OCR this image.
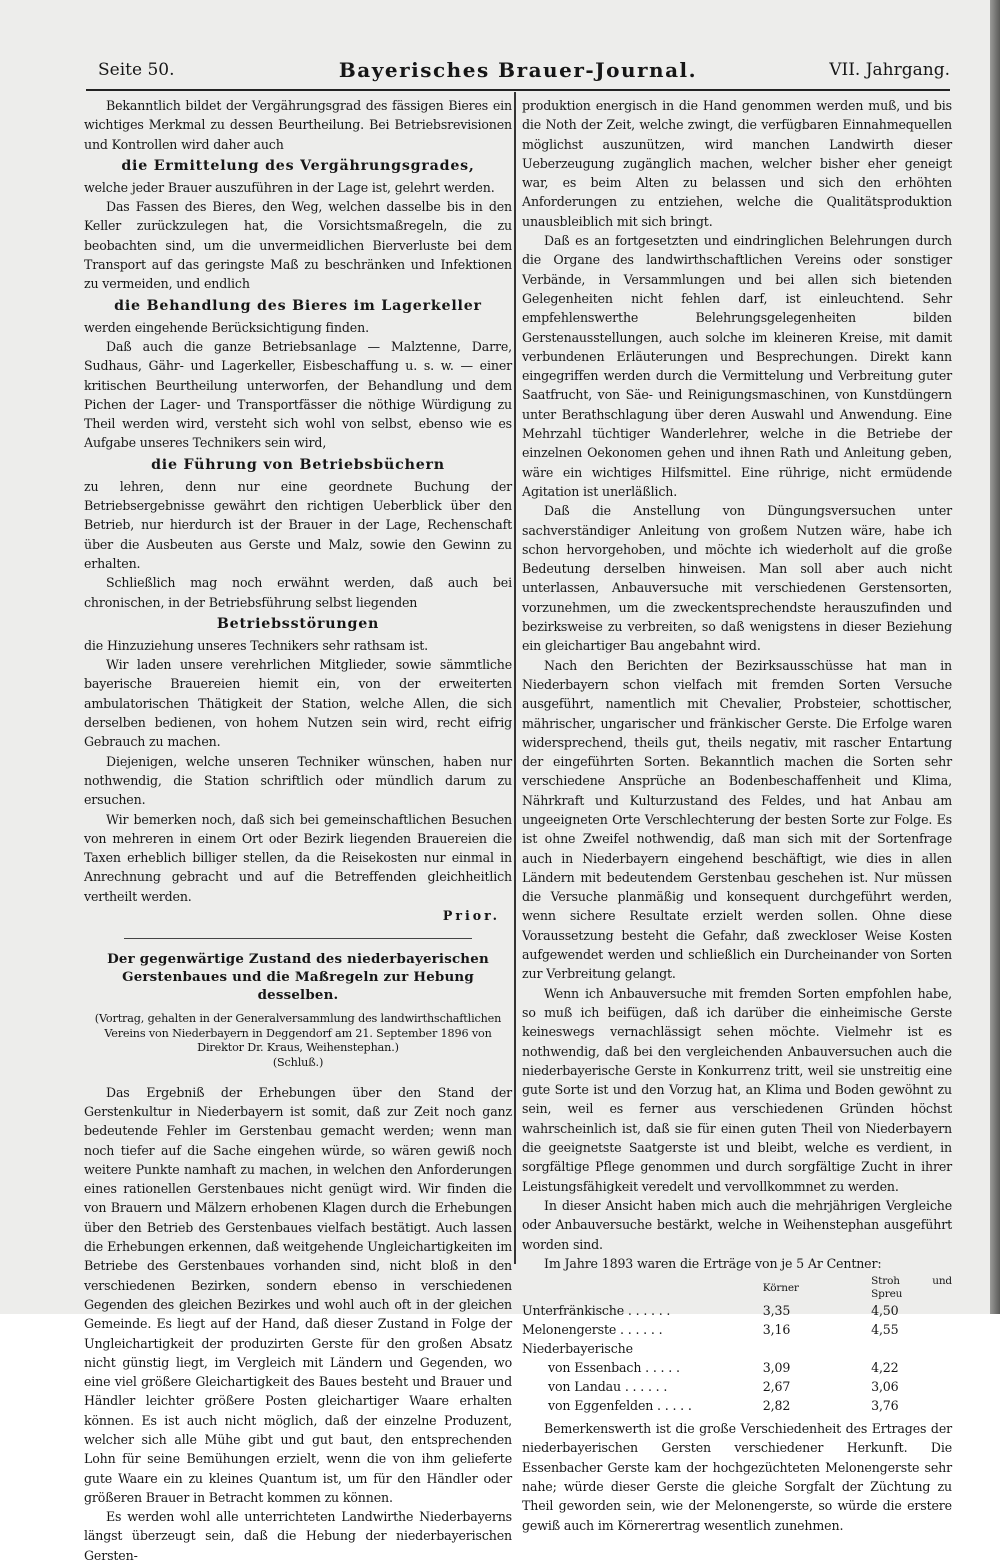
Seite 50.	Bayerisches Brauer-Journal.	VII. Jahrgang.

Bekanntlich bildet der Vergährungsgrad des fässigen Bieres ein wichtiges Merkmal zu dessen Beurtheilung. Bei Betriebsrevisionen und Kontrollen wird daher auch

die Ermittelung des Vergährungsgrades,

welche jeder Brauer auszuführen in der Lage ist, gelehrt werden.

Das Fassen des Bieres, den Weg, welchen dasselbe bis in den Keller zurückzulegen hat, die Vorsichtsmaßregeln, die zu beobachten sind, um die unvermeidlichen Bierverluste bei dem Transport auf das geringste Maß zu beschränken und Infektionen zu vermeiden, und endlich

die Behandlung des Bieres im Lagerkeller

werden eingehende Berücksichtigung finden.

Daß auch die ganze Betriebsanlage — Malztenne, Darre, Sudhaus, Gähr- und Lagerkeller, Eisbeschaffung u. s. w. — einer kritischen Beurtheilung unterworfen, der Behandlung und dem Pichen der Lager- und Transportfässer die nöthige Würdigung zu Theil werden wird, versteht sich wohl von selbst, ebenso wie es Aufgabe unseres Technikers sein wird,

die Führung von Betriebsbüchern

zu lehren, denn nur eine geordnete Buchung der Betriebsergebnisse gewährt den richtigen Ueberblick über den Betrieb, nur hierdurch ist der Brauer in der Lage, Rechenschaft über die Ausbeuten aus Gerste und Malz, sowie den Gewinn zu erhalten.

Schließlich mag noch erwähnt werden, daß auch bei chronischen, in der Betriebsführung selbst liegenden

Betriebsstörungen

die Hinzuziehung unseres Technikers sehr rathsam ist.

Wir laden unsere verehrlichen Mitglieder, sowie sämmtliche bayerische Brauereien hiemit ein, von der erweiterten ambulatorischen Thätigkeit der Station, welche Allen, die sich derselben bedienen, von hohem Nutzen sein wird, recht eifrig Gebrauch zu machen.

Diejenigen, welche unseren Techniker wünschen, haben nur nothwendig, die Station schriftlich oder mündlich darum zu ersuchen.

Wir bemerken noch, daß sich bei gemeinschaftlichen Besuchen von mehreren in einem Ort oder Bezirk liegenden Brauereien die Taxen erheblich billiger stellen, da die Reisekosten nur einmal in Anrechnung gebracht und auf die Betreffenden gleichheitlich vertheilt werden.

Prior.
Der gegenwärtige Zustand des niederbayerischen Gerstenbaues und die Maßregeln zur Hebung desselben.
(Vortrag, gehalten in der Generalversammlung des landwirthschaftlichen Vereins von Niederbayern in Deggendorf am 21. September 1896 von Direktor Dr. Kraus, Weihenstephan.)
(Schluß.)

Das Ergebniß der Erhebungen über den Stand der Gerstenkultur in Niederbayern ist somit, daß zur Zeit noch ganz bedeutende Fehler im Gerstenbau gemacht werden; wenn man noch tiefer auf die Sache eingehen würde, so wären gewiß noch weitere Punkte namhaft zu machen, in welchen den Anforderungen eines rationellen Gerstenbaues nicht genügt wird. Wir finden die von Brauern und Mälzern erhobenen Klagen durch die Erhebungen über den Betrieb des Gerstenbaues vielfach bestätigt. Auch lassen die Erhebungen erkennen, daß weitgehende Ungleichartigkeiten im Betriebe des Gerstenbaues vorhanden sind, nicht bloß in den verschiedenen Bezirken, sondern ebenso in verschiedenen Gegenden des gleichen Bezirkes und wohl auch oft in der gleichen Gemeinde. Es liegt auf der Hand, daß dieser Zustand in Folge der Ungleichartigkeit der produzirten Gerste für den großen Absatz nicht günstig liegt, im Vergleich mit Ländern und Gegenden, wo eine viel größere Gleichartigkeit des Baues besteht und Brauer und Händler leichter größere Posten gleichartiger Waare erhalten können. Es ist auch nicht möglich, daß der einzelne Produzent, welcher sich alle Mühe gibt und gut baut, den entsprechenden Lohn für seine Bemühungen erzielt, wenn die von ihm gelieferte gute Waare ein zu kleines Quantum ist, um für den Händler oder größeren Brauer in Betracht kommen zu können.

Es werden wohl alle unterrichteten Landwirthe Niederbayerns längst überzeugt sein, daß die Hebung der niederbayerischen Gersten-

produktion energisch in die Hand genommen werden muß, und bis die Noth der Zeit, welche zwingt, die verfügbaren Einnahmequellen möglichst auszunützen, wird manchen Landwirth dieser Ueberzeugung zugänglich machen, welcher bisher eher geneigt war, es beim Alten zu belassen und sich den erhöhten Anforderungen zu entziehen, welche die Qualitätsproduktion unausbleiblich mit sich bringt.

Daß es an fortgesetzten und eindringlichen Belehrungen durch die Organe des landwirthschaftlichen Vereins oder sonstiger Verbände, in Versammlungen und bei allen sich bietenden Gelegenheiten nicht fehlen darf, ist einleuchtend. Sehr empfehlenswerthe Belehrungsgelegenheiten bilden Gerstenausstellungen, auch solche im kleineren Kreise, mit damit verbundenen Erläuterungen und Besprechungen. Direkt kann eingegriffen werden durch die Vermittelung und Verbreitung guter Saatfrucht, von Säe- und Reinigungsmaschinen, von Kunstdüngern unter Berathschlagung über deren Auswahl und Anwendung. Eine Mehrzahl tüchtiger Wanderlehrer, welche in die Betriebe der einzelnen Oekonomen gehen und ihnen Rath und Anleitung geben, wäre ein wichtiges Hilfsmittel. Eine rührige, nicht ermüdende Agitation ist unerläßlich.

Daß die Anstellung von Düngungsversuchen unter sachverständiger Anleitung von großem Nutzen wäre, habe ich schon hervorgehoben, und möchte ich wiederholt auf die große Bedeutung derselben hinweisen. Man soll aber auch nicht unterlassen, Anbauversuche mit verschiedenen Gerstensorten, vorzunehmen, um die zweckentsprechendste herauszufinden und bezirksweise zu verbreiten, so daß wenigstens in dieser Beziehung ein gleichartiger Bau angebahnt wird.

Nach den Berichten der Bezirksausschüsse hat man in Niederbayern schon vielfach mit fremden Sorten Versuche ausgeführt, namentlich mit Chevalier, Probsteier, schottischer, mährischer, ungarischer und fränkischer Gerste. Die Erfolge waren widersprechend, theils gut, theils negativ, mit rascher Entartung der eingeführten Sorten. Bekanntlich machen die Sorten sehr verschiedene Ansprüche an Bodenbeschaffenheit und Klima, Nährkraft und Kulturzustand des Feldes, und hat Anbau am ungeeigneten Orte Verschlechterung der besten Sorte zur Folge. Es ist ohne Zweifel nothwendig, daß man sich mit der Sortenfrage auch in Niederbayern eingehend beschäftigt, wie dies in allen Ländern mit bedeutendem Gerstenbau geschehen ist. Nur müssen die Versuche planmäßig und konsequent durchgeführt werden, wenn sichere Resultate erzielt werden sollen. Ohne diese Voraussetzung besteht die Gefahr, daß zweckloser Weise Kosten aufgewendet werden und schließlich ein Durcheinander von Sorten zur Verbreitung gelangt.

Wenn ich Anbauversuche mit fremden Sorten empfohlen habe, so muß ich beifügen, daß ich darüber die einheimische Gerste keineswegs vernachlässigt sehen möchte. Vielmehr ist es nothwendig, daß bei den vergleichenden Anbauversuchen auch die niederbayerische Gerste in Konkurrenz tritt, weil sie unstreitig eine gute Sorte ist und den Vorzug hat, an Klima und Boden gewöhnt zu sein, weil es ferner aus verschiedenen Gründen höchst wahrscheinlich ist, daß sie für einen guten Theil von Niederbayern die geeignetste Saatgerste ist und bleibt, welche es verdient, in sorgfältige Pflege genommen und durch sorgfältige Zucht in ihrer Leistungsfähigkeit veredelt und vervollkommnet zu werden.

In dieser Ansicht haben mich auch die mehrjährigen Vergleiche oder Anbauversuche bestärkt, welche in Weihenstephan ausgeführt worden sind.

Im Jahre 1893 waren die Erträge von je 5 Ar Centner:

	Körner	Stroh und Spreu
Unterfränkische . . . . . .	3,35	4,50
Melonengerste . . . . . .	3,16	4,55
Niederbayerische		
von Essenbach . . . . .	3,09	4,22
von Landau . . . . . .	2,67	3,06
von Eggenfelden . . . . .	2,82	3,76

Bemerkenswerth ist die große Verschiedenheit des Ertrages der niederbayerischen Gersten verschiedener Herkunft. Die Essenbacher Gerste kam der hochgezüchteten Melonengerste sehr nahe; würde dieser Gerste die gleiche Sorgfalt der Züchtung zu Theil geworden sein, wie der Melonengerste, so würde die erstere gewiß auch im Körnerertrag wesentlich zunehmen.
